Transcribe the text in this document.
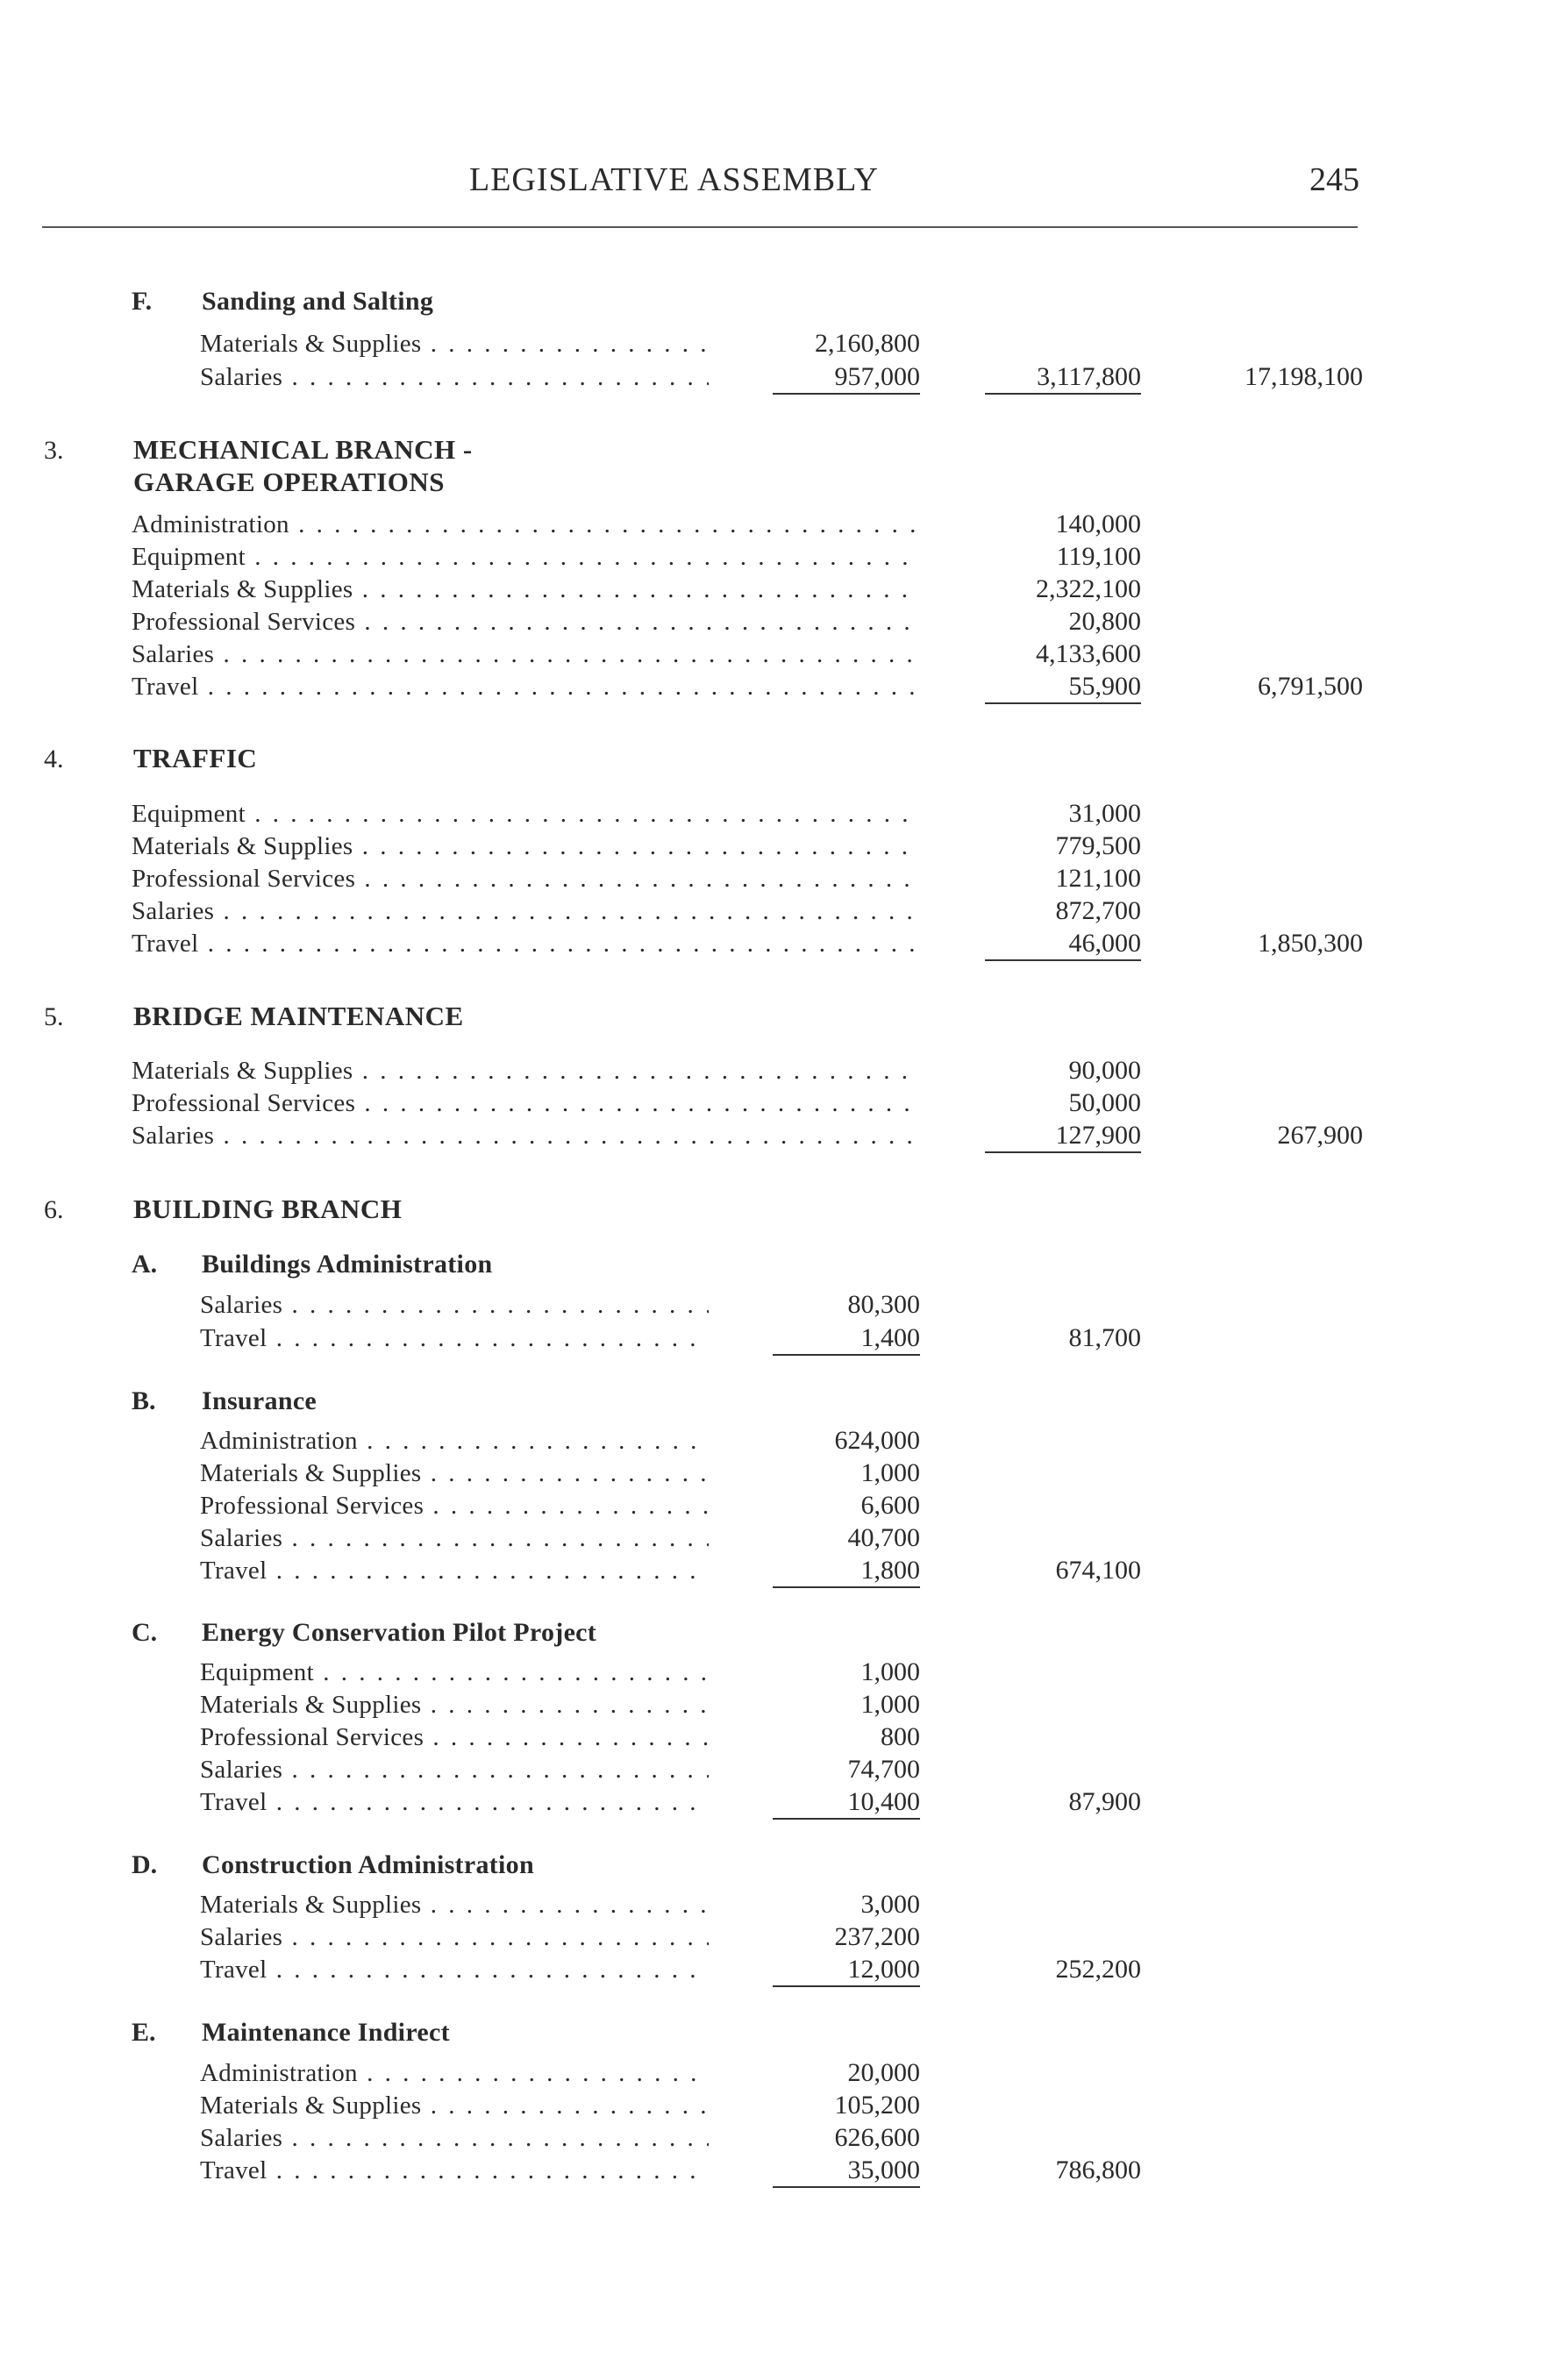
LEGISLATIVE ASSEMBLY	245
F. Sanding and Salting
Materials & Supplies . . .	2,160,800
Salaries . . .	957,000	3,117,800	17,198,100
3.	MECHANICAL BRANCH -
GARAGE OPERATIONS
Administration . . .	140,000
Equipment . . .	119,100
Materials & Supplies . . .	2,322,100
Professional Services . . .	20,800
Salaries . . .	4,133,600
Travel . . .	55,900	6,791,500
4.	TRAFFIC
Equipment . . .	31,000
Materials & Supplies . . .	779,500
Professional Services . . .	121,100
Salaries . . .	872,700
Travel . . .	46,000	1,850,300
5.	BRIDGE MAINTENANCE
Materials & Supplies . . .	90,000
Professional Services . . .	50,000
Salaries . . .	127,900	267,900
6.	BUILDING BRANCH
A. Buildings Administration
Salaries . . .	80,300
Travel . . .	1,400	81,700
B. Insurance
Administration . . .	624,000
Materials & Supplies . . .	1,000
Professional Services . . .	6,600
Salaries . . .	40,700
Travel . . .	1,800	674,100
C. Energy Conservation Pilot Project
Equipment . . .	1,000
Materials & Supplies . . .	1,000
Professional Services . . .	800
Salaries . . .	74,700
Travel . . .	10,400	87,900
D. Construction Administration
Materials & Supplies . . .	3,000
Salaries . . .	237,200
Travel . . .	12,000	252,200
E. Maintenance Indirect
Administration . . .	20,000
Materials & Supplies . . .	105,200
Salaries . . .	626,600
Travel . . .	35,000	786,800
